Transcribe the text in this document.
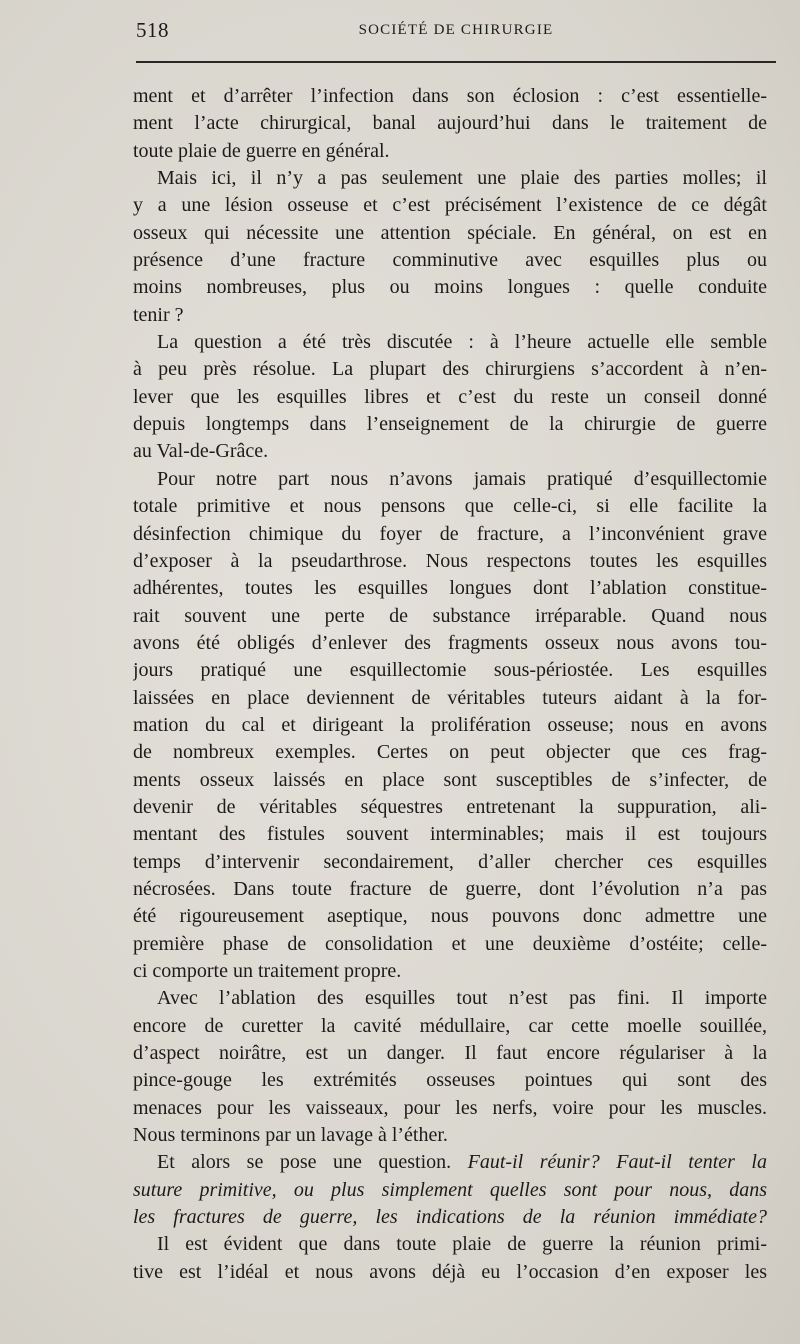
518	SOCIÉTÉ DE CHIRURGIE
ment et d’arrêter l’infection dans son éclosion : c’est essentielle-
ment l’acte chirurgical, banal aujourd’hui dans le traitement de
toute plaie de guerre en général.
Mais ici, il n’y a pas seulement une plaie des parties molles; il
y a une lésion osseuse et c’est précisément l’existence de ce dégât
osseux qui nécessite une attention spéciale. En général, on est en
présence d’une fracture comminutive avec esquilles plus ou
moins nombreuses, plus ou moins longues : quelle conduite
tenir ?
La question a été très discutée : à l’heure actuelle elle semble
à peu près résolue. La plupart des chirurgiens s’accordent à n’en-
lever que les esquilles libres et c’est du reste un conseil donné
depuis longtemps dans l’enseignement de la chirurgie de guerre
au Val-de-Grâce.
Pour notre part nous n’avons jamais pratiqué d’esquillectomie
totale primitive et nous pensons que celle-ci, si elle facilite la
désinfection chimique du foyer de fracture, a l’inconvénient grave
d’exposer à la pseudarthrose. Nous respectons toutes les esquilles
adhérentes, toutes les esquilles longues dont l’ablation constitue-
rait souvent une perte de substance irréparable. Quand nous
avons été obligés d’enlever des fragments osseux nous avons tou-
jours pratiqué une esquillectomie sous-périostée. Les esquilles
laissées en place deviennent de véritables tuteurs aidant à la for-
mation du cal et dirigeant la prolifération osseuse; nous en avons
de nombreux exemples. Certes on peut objecter que ces frag-
ments osseux laissés en place sont susceptibles de s’infecter, de
devenir de véritables séquestres entretenant la suppuration, ali-
mentant des fistules souvent interminables; mais il est toujours
temps d’intervenir secondairement, d’aller chercher ces esquilles
nécrosées. Dans toute fracture de guerre, dont l’évolution n’a pas
été rigoureusement aseptique, nous pouvons donc admettre une
première phase de consolidation et une deuxième d’ostéite; celle-
ci comporte un traitement propre.
Avec l’ablation des esquilles tout n’est pas fini. Il importe
encore de curetter la cavité médullaire, car cette moelle souillée,
d’aspect noirâtre, est un danger. Il faut encore régulariser à la
pince-gouge les extrémités osseuses pointues qui sont des
menaces pour les vaisseaux, pour les nerfs, voire pour les muscles.
Nous terminons par un lavage à l’éther.
Et alors se pose une question. Faut-il réunir? Faut-il tenter la
suture primitive, ou plus simplement quelles sont pour nous, dans
les fractures de guerre, les indications de la réunion immédiate?
Il est évident que dans toute plaie de guerre la réunion primi-
tive est l’idéal et nous avons déjà eu l’occasion d’en exposer les
